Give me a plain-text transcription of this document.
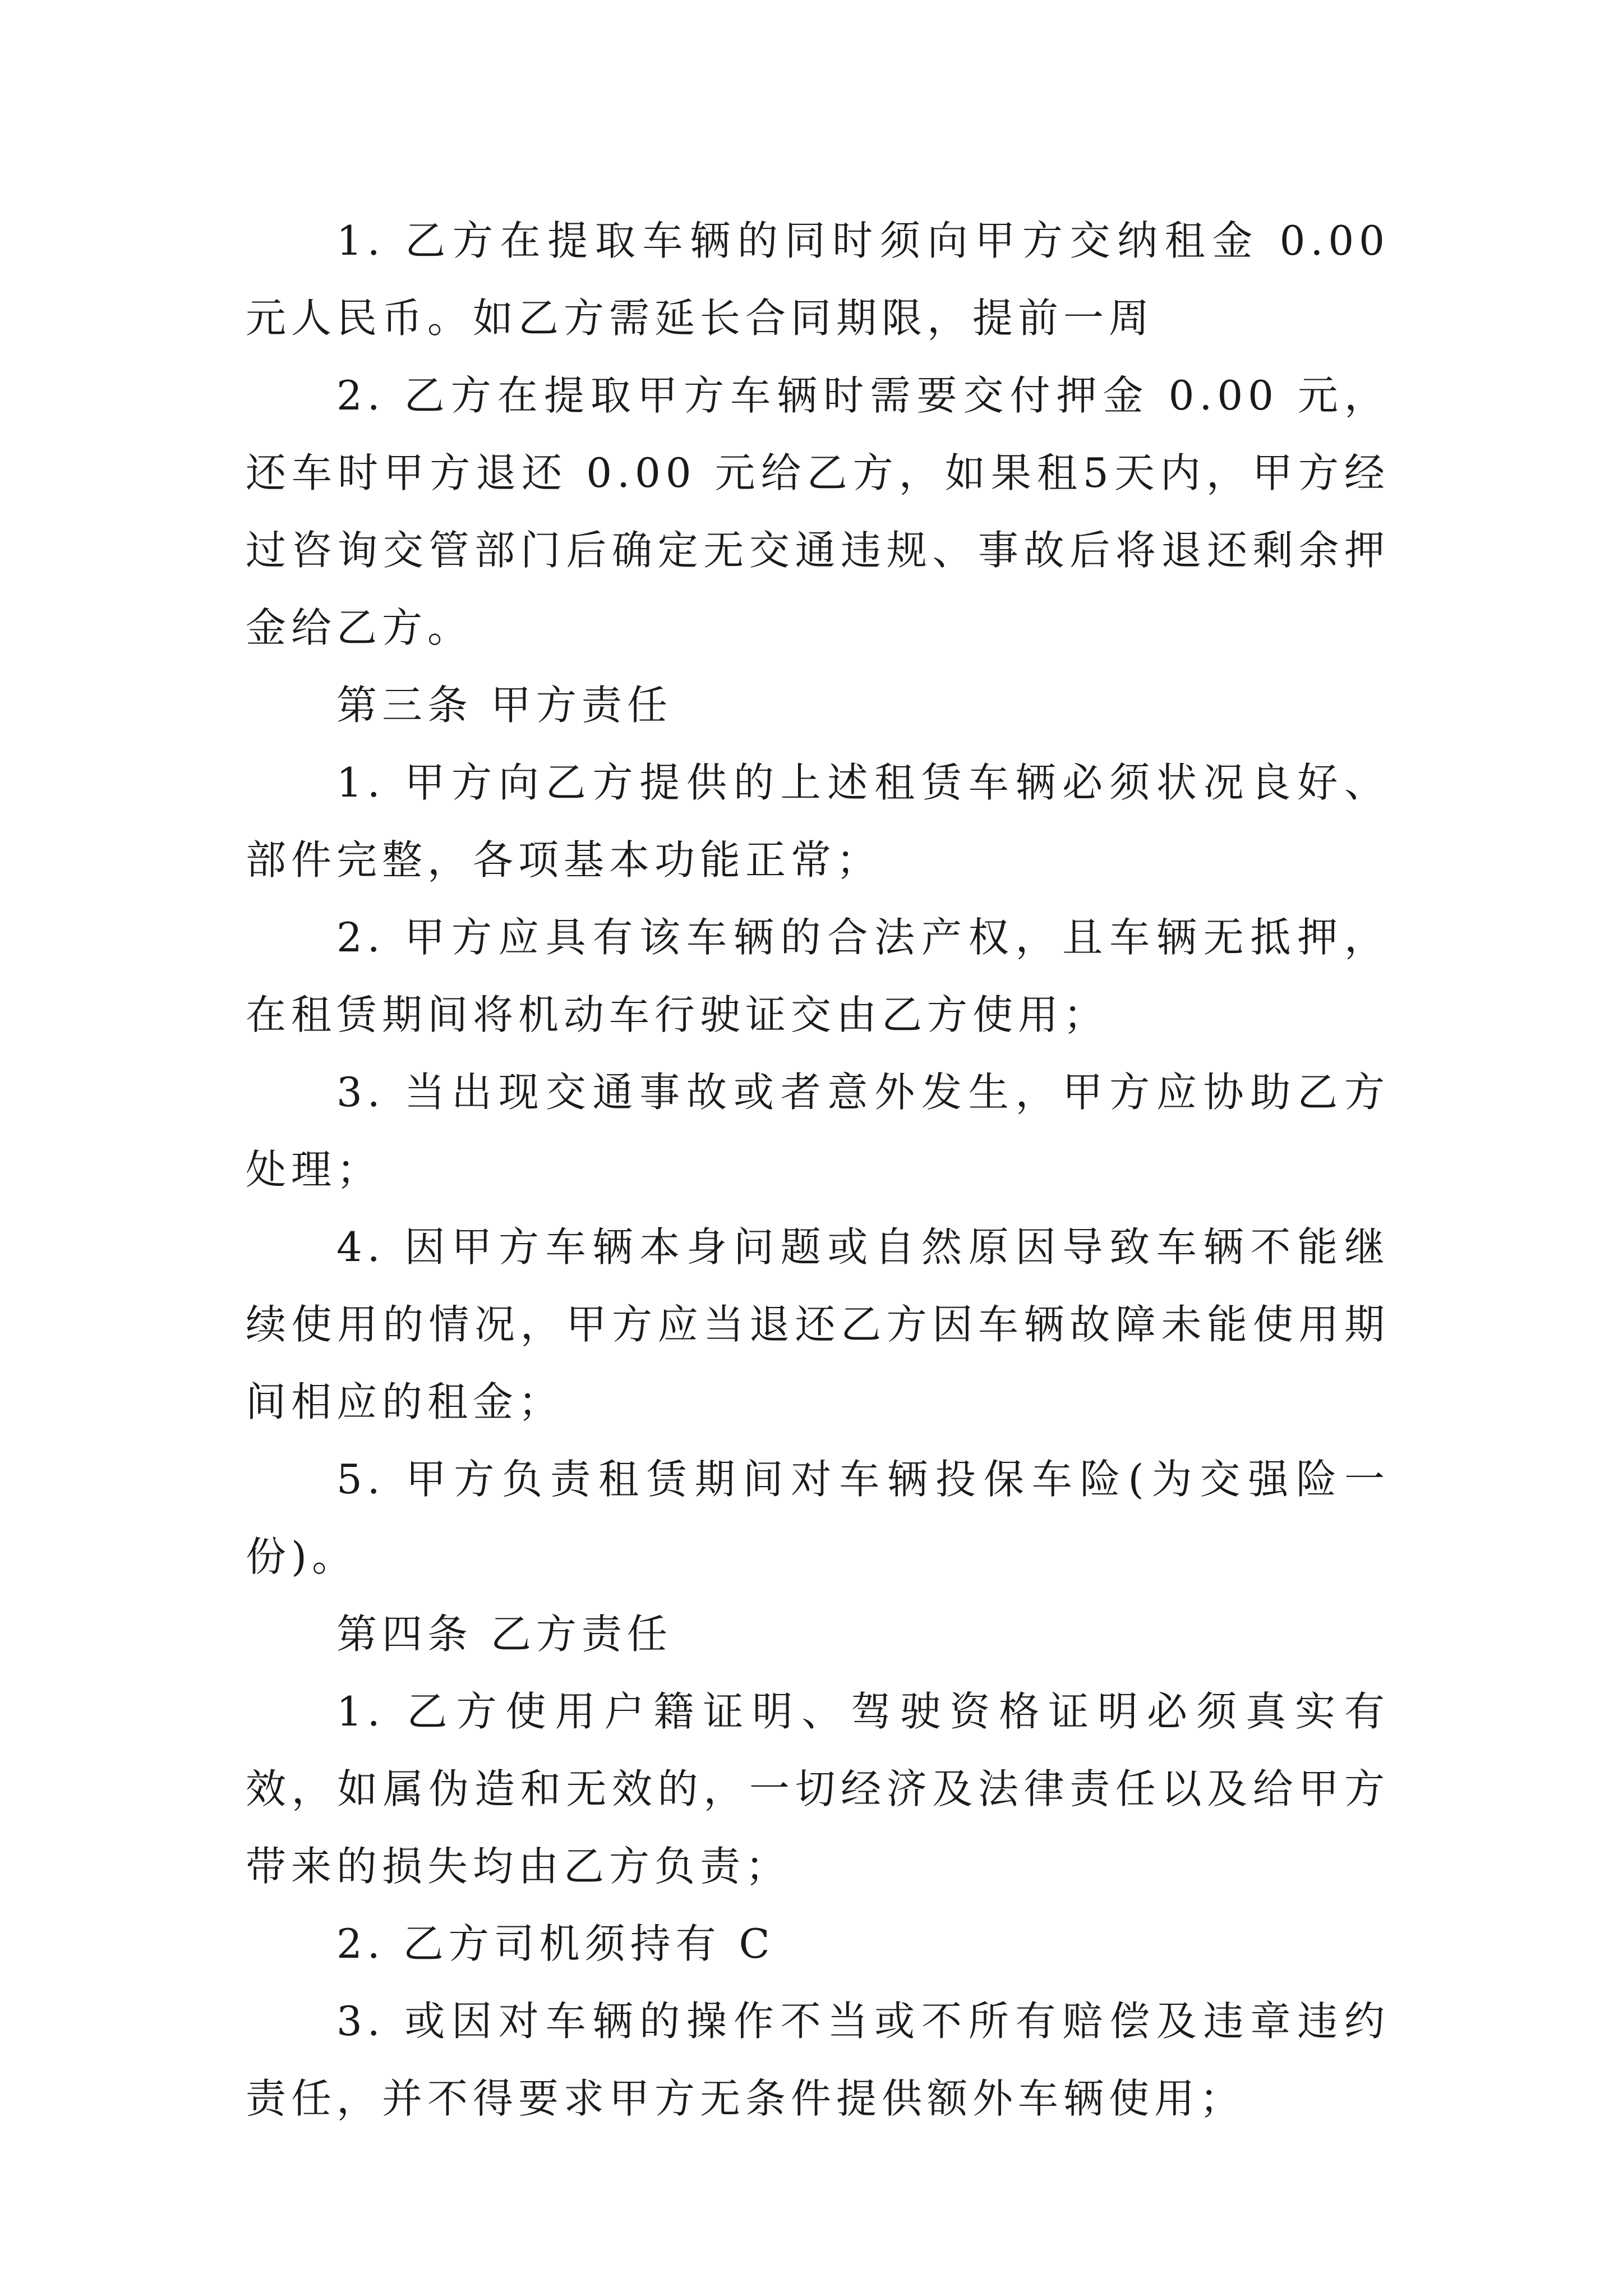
1. 乙方在提取车辆的同时须向甲方交纳租金 0.00 元人民币。如乙方需延长合同期限，提前一周

2. 乙方在提取甲方车辆时需要交付押金 0.00 元，还车时甲方退还 0.00 元给乙方，如果租5天内，甲方经过咨询交管部门后确定无交通违规、事故后将退还剩余押金给乙方。

第三条 甲方责任

1. 甲方向乙方提供的上述租赁车辆必须状况良好、部件完整，各项基本功能正常；

2. 甲方应具有该车辆的合法产权，且车辆无抵押，在租赁期间将机动车行驶证交由乙方使用；

3. 当出现交通事故或者意外发生，甲方应协助乙方处理；

4. 因甲方车辆本身问题或自然原因导致车辆不能继续使用的情况，甲方应当退还乙方因车辆故障未能使用期间相应的租金；

5. 甲方负责租赁期间对车辆投保车险(为交强险一份)。

第四条 乙方责任

1. 乙方使用户籍证明、驾驶资格证明必须真实有效，如属伪造和无效的，一切经济及法律责任以及给甲方带来的损失均由乙方负责；

2. 乙方司机须持有 C

3. 或因对车辆的操作不当或不所有赔偿及违章违约责任，并不得要求甲方无条件提供额外车辆使用；
